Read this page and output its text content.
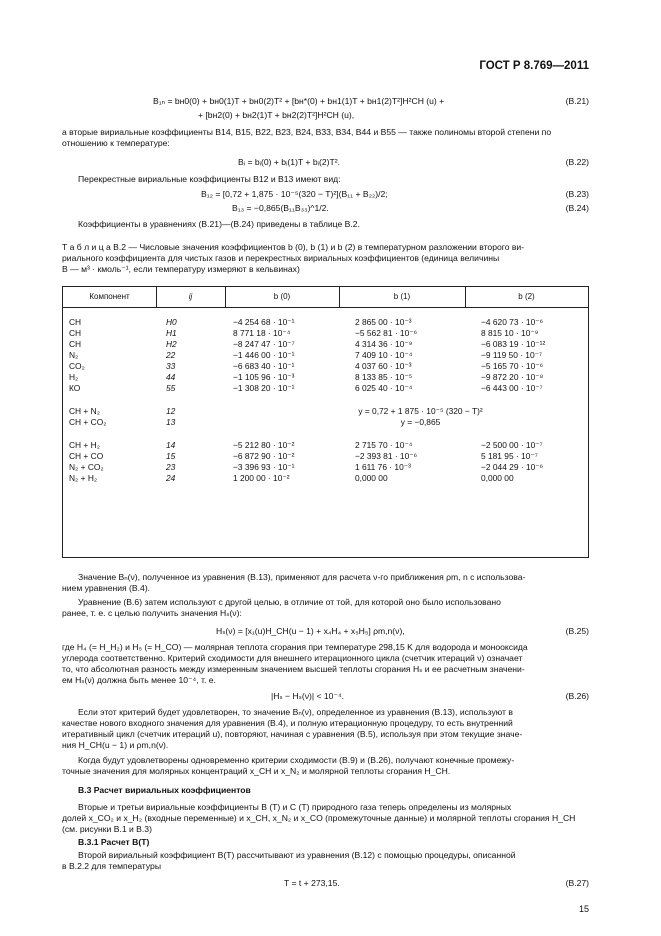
ГОСТ Р 8.769—2011
B₁ₙ = bн0(0) + bн0(1)T + bн0(2)T² + [bн*(0) + bн1(1)T + bн1(2)T²]H²CH (u) +	(B.21)
+ [bн2(0) + bн2(1)T + bн2(2)T²]H²CH (u),
а вторые вириальные коэффициенты B14, B15, B22, B23, B24, B33, B34, B44 и B55 — также полиномы второй степени по отношению к температуре:
Bᵢ = bᵢ(0) + bᵢ(1)T + bᵢ(2)T².	(B.22)
Перекрестные вириальные коэффициенты B12 и B13 имеют вид:
B₁₂ = [0,72 + 1,875 · 10⁻⁵(320 − T)²](B₁₁ + B₂₂)/2;	(B.23)
B₁₃ = −0,865(B₁₁B₃₃)^1/2.	(B.24)
Коэффициенты в уравнениях (B.21)—(B.24) приведены в таблице B.2.
Т а б л и ц а B.2 — Числовые значения коэффициентов b (0), b (1) и b (2) в температурном разложении второго ви-
риального коэффициента для чистых газов и перекрестных вириальных коэффициентов (единица величины
B — м³ · кмоль⁻¹, если температуру измеряют в кельвинах)
Компонент	ij	b (0)	b (1)	b (2)
СН	Н0	−4 254 68 · 10⁻¹	2 865 00 · 10⁻³	−4 620 73 · 10⁻⁶
СН	Н1	8 771 18 · 10⁻⁴	−5 562 81 · 10⁻⁶	8 815 10 · 10⁻⁹
СН	Н2	−8 247 47 · 10⁻⁷	4 314 36 · 10⁻⁹	−6 083 19 · 10⁻¹²
N₂	22	−1 446 00 · 10⁻¹	7 409 10 · 10⁻⁴	−9 119 50 · 10⁻⁷
CO₂	33	−6 683 40 · 10⁻¹	4 037 60 · 10⁻³	−5 165 70 · 10⁻⁶
H₂	44	−1 105 96 · 10⁻³	8 133 85 · 10⁻⁵	−9 872 20 · 10⁻⁸
КО	55	−1 308 20 · 10⁻¹	6 025 40 · 10⁻⁴	−6 443 00 · 10⁻⁷
СН + N₂	12	y = 0,72 + 1 875 · 10⁻⁵ (320 − T)²
СН + CO₂	13	y = −0,865
СН + H₂	14	−5 212 80 · 10⁻²	2 715 70 · 10⁻⁴	−2 500 00 · 10⁻⁷
СН + CO	15	−6 872 90 · 10⁻²	−2 393 81 · 10⁻⁶	5 181 95 · 10⁻⁷
N₂ + CO₂	23	−3 396 93 · 10⁻¹	1 611 76 · 10⁻³	−2 044 29 · 10⁻⁶
N₂ + H₂	24	1 200 00 · 10⁻²	0,000 00	0,000 00
Значение Bₙ(ν), полученное из уравнения (B.13), применяют для расчета ν-го приближения ρm, n с использова-
нием уравнения (B.4).
Уравнение (B.6) затем используют с другой целью, в отличие от той, для которой оно было использовано
ранее, т. е. с целью получить значения Hₛ(ν):
Hₛ(ν) = [x₁(u)H_CH(u − 1) + x₄H₄ + x₅H₅] ρm,n(ν),	(B.25)
где H₄ (= H_H₂) и H₅ (= H_CO) — молярная теплота сгорания при температуре 298,15 K для водорода и монооксида
углерода соответственно. Критерий сходимости для внешнего итерационного цикла (счетчик итераций ν) означает
то, что абсолютная разность между измеренным значением высшей теплоты сгорания Hₛ и ее расчетным значени-
ем Hₛ(ν) должна быть менее 10⁻⁴, т. е.
|Hₛ − Hₛ(ν)| < 10⁻⁴.	(B.26)
Если этот критерий будет удовлетворен, то значение Bₙ(ν), определенное из уравнения (B.13), используют в
качестве нового входного значения для уравнения (B.4), и полную итерационную процедуру, то есть внутренний
итеративный цикл (счетчик итераций u), повторяют, начиная с уравнения (B.5), используя при этом текущие значе-
ния H_CH(u − 1) и ρm,n(ν).
Когда будут удовлетворены одновременно критерии сходимости (B.9) и (B.26), получают конечные промежу-
точные значения для молярных концентраций x_CH и x_N₂ и молярной теплоты сгорания H_CH.
B.3 Расчет вириальных коэффициентов
Вторые и третьи вириальные коэффициенты B (T) и C (T) природного газа теперь определены из молярных
долей x_CO₂ и x_H₂ (входные переменные) и x_CH, x_N₂ и x_CO (промежуточные данные) и молярной теплоты сгорания H_CH
(см. рисунки B.1 и B.3)
B.3.1 Расчет B(T)
Второй вириальный коэффициент B(T) рассчитывают из уравнения (B.12) с помощью процедуры, описанной
в B.2.2 для температуры
T = t + 273,15.	(B.27)
15
